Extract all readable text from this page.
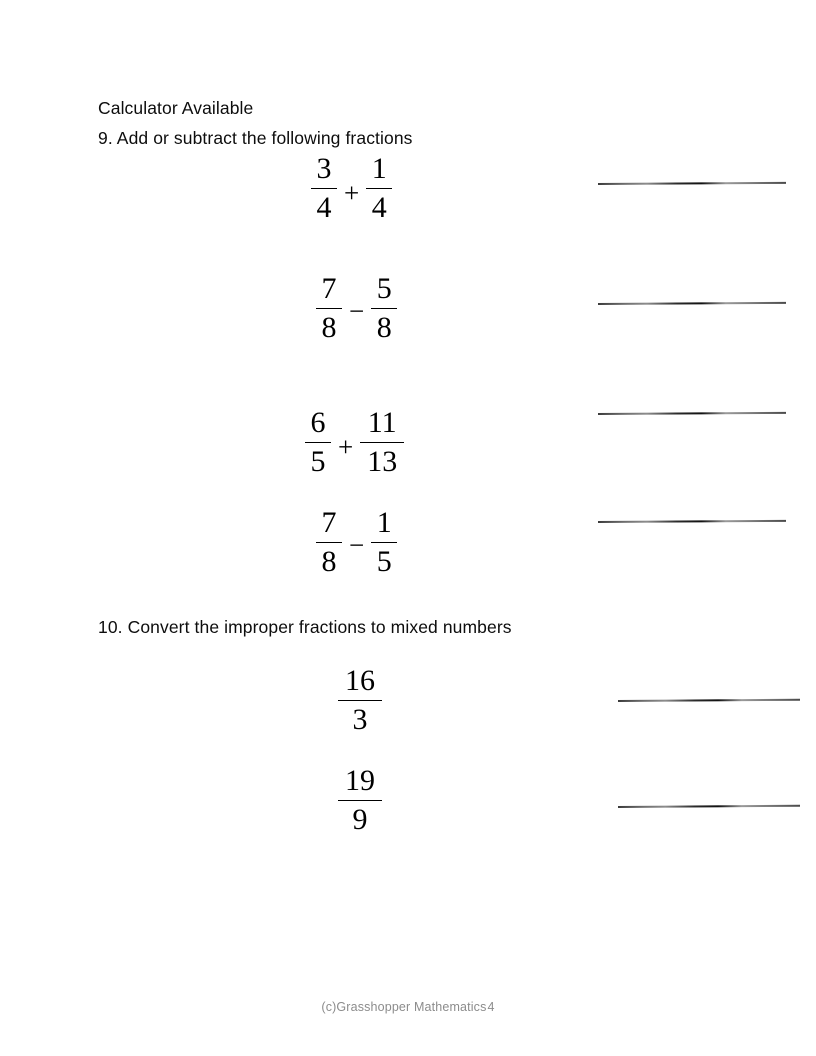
Calculator Available
9. Add or subtract the following fractions
10. Convert the improper fractions to mixed numbers
$\frac{3}{4} + \frac{1}{4}$
$\frac{7}{8} - \frac{5}{8}$
$\frac{6}{5} + \frac{11}{13}$
$\frac{7}{8} - \frac{1}{5}$
$\frac{16}{3}$
$\frac{19}{9}$
(c)Grasshopper Mathematics4
